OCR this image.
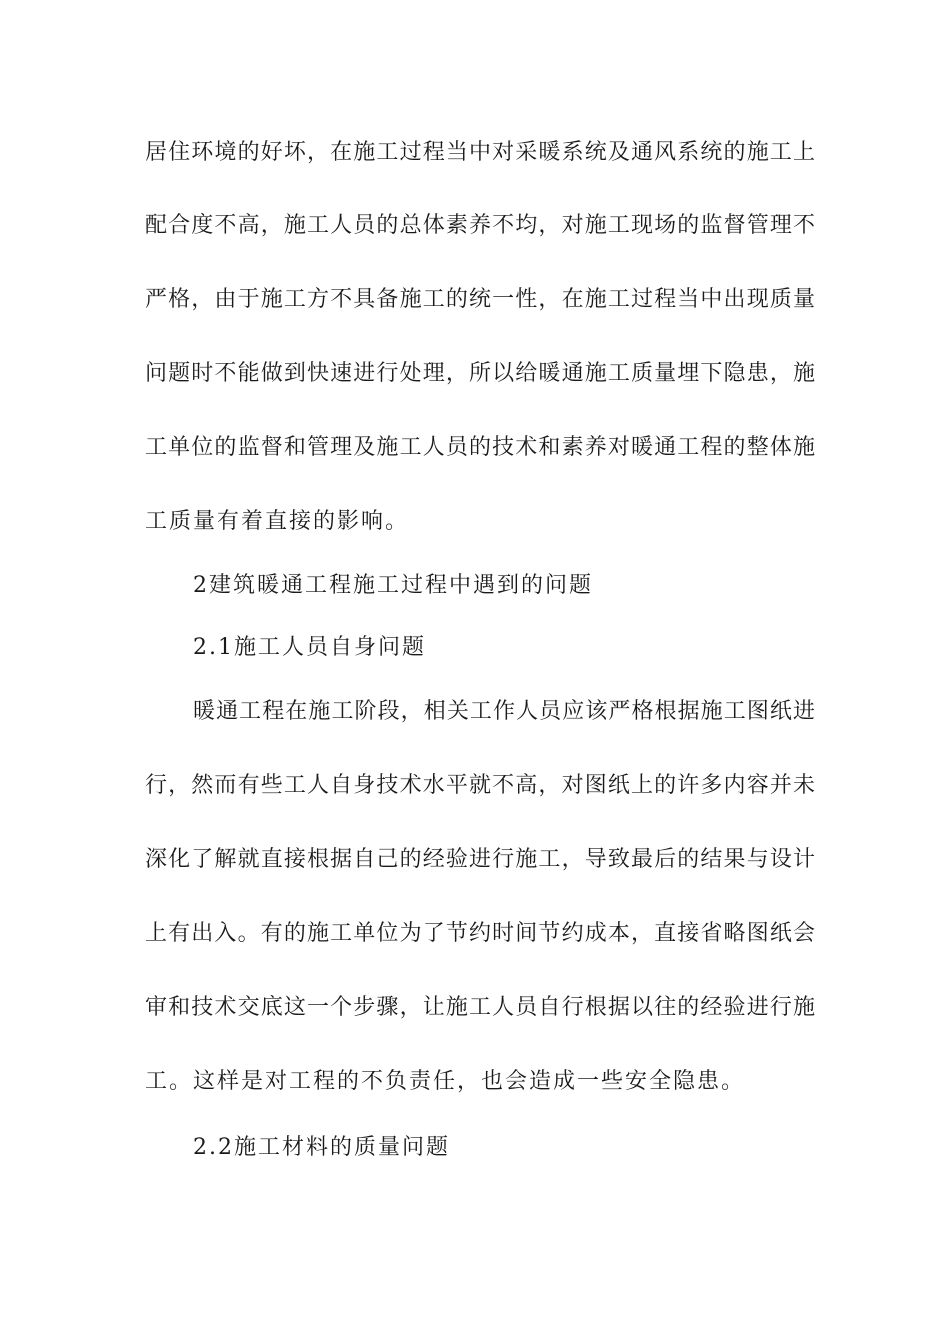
居住环境的好坏，在施工过程当中对采暖系统及通风系统的施工上
配合度不高，施工人员的总体素养不均，对施工现场的监督管理不
严格，由于施工方不具备施工的统一性，在施工过程当中出现质量
问题时不能做到快速进行处理，所以给暖通施工质量埋下隐患，施
工单位的监督和管理及施工人员的技术和素养对暖通工程的整体施
工质量有着直接的影响。
2建筑暖通工程施工过程中遇到的问题
2.1施工人员自身问题
暖通工程在施工阶段，相关工作人员应该严格根据施工图纸进
行，然而有些工人自身技术水平就不高，对图纸上的许多内容并未
深化了解就直接根据自己的经验进行施工，导致最后的结果与设计
上有出入。有的施工单位为了节约时间节约成本，直接省略图纸会
审和技术交底这一个步骤，让施工人员自行根据以往的经验进行施
工。这样是对工程的不负责任，也会造成一些安全隐患。
2.2施工材料的质量问题
